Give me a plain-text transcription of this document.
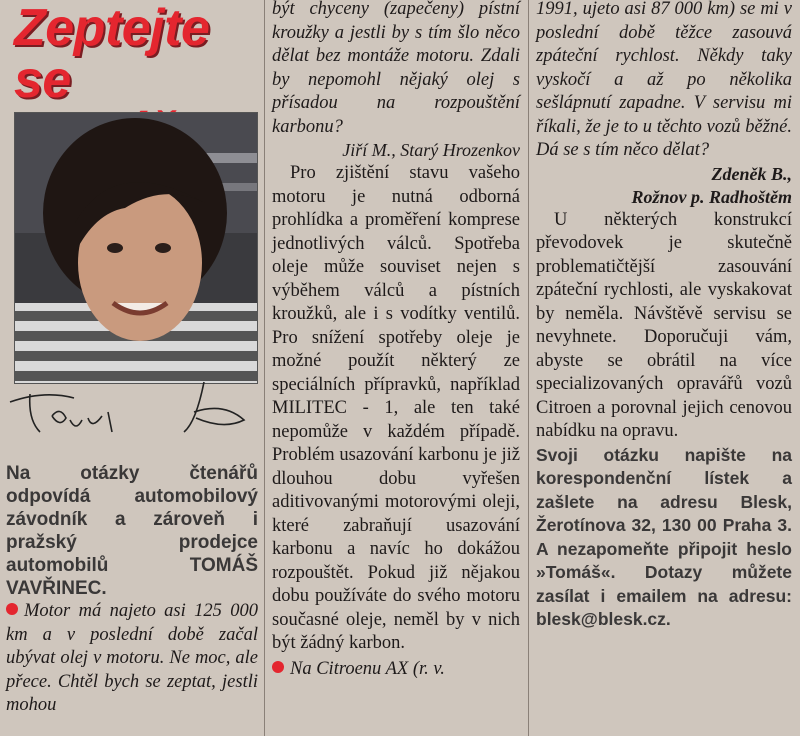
Zeptejte se
Na otázky čtenářů odpovídá automobilový závodník a zároveň i pražský prodejce automobilů TOMÁŠ VAVŘINEC.
Motor má najeto asi 125 000 km a v poslední době začal ubývat olej v motoru. Ne moc, ale přece. Chtěl bych se zeptat, jestli mohou

být chyceny (zapečeny) pístní kroužky a jestli by s tím šlo něco dělat bez montáže motoru. Zdali by nepomohl nějaký olej s přísadou na rozpouštění karbonu?

Jiří M., Starý Hrozenkov

Pro zjištění stavu vašeho motoru je nutná odborná prohlídka a proměření komprese jednotlivých válců. Spotřeba oleje může souviset nejen s výběhem válců a pístních kroužků, ale i s vodítky ventilů. Pro snížení spotřeby oleje je možné použít některý ze speciálních přípravků, například MILITEC - 1, ale ten také nepomůže v každém případě. Problém usazování karbonu je již dlouhou dobu vyřešen aditivovanými motorovými oleji, které zabraňují usazování karbonu a navíc ho dokážou rozpouštět. Pokud již nějakou dobu používáte do svého motoru současné oleje, neměl by v nich být žádný karbon.

Na Citroenu AX (r. v.

1991, ujeto asi 87 000 km) se mi v poslední době těžce zasouvá zpáteční rychlost. Někdy taky vyskočí a až po několika sešlápnutí zapadne. V servisu mi říkali, že je to u těchto vozů běžné. Dá se s tím něco dělat?

Zdeněk B.,

Rožnov p. Radhoštěm

U některých konstrukcí převodovek je skutečně problematičtější zasouvání zpáteční rychlosti, ale vyskakovat by neměla. Návštěvě servisu se nevyhnete. Doporučuji vám, abyste se obrátil na více specializovaných opravářů vozů Citroen a porovnal jejich cenovou nabídku na opravu.

Svoji otázku napište na korespondenční lístek a zašlete na adresu Blesk, Žerotínova 32, 130 00 Praha 3. A nezapomeňte připojit heslo »Tomáš«. Dotazy můžete zasílat i emailem na adresu: blesk@blesk.cz.
